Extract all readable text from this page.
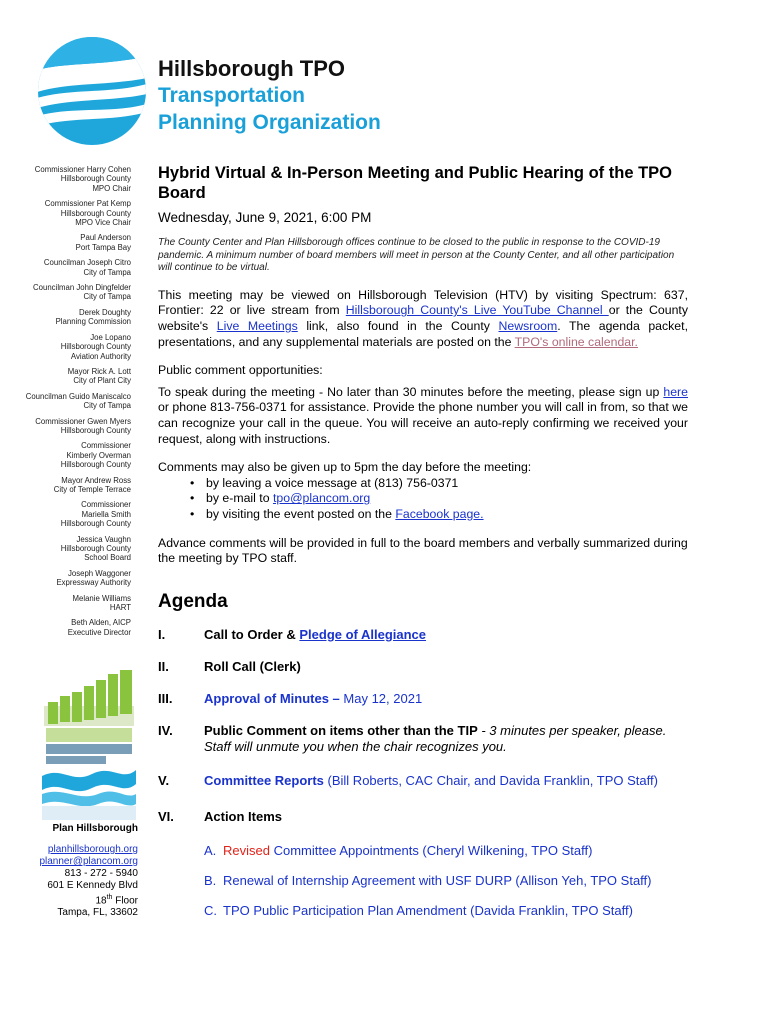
Hillsborough TPO
Transportation
Planning Organization
Commissioner Harry Cohen
Hillsborough County
MPO Chair
Commissioner Pat Kemp
Hillsborough County
MPO Vice Chair
Paul Anderson
Port Tampa Bay
Councilman Joseph Citro
City of Tampa
Councilman John Dingfelder
City of Tampa
Derek Doughty
Planning Commission
Joe Lopano
Hillsborough County
Aviation Authority
Mayor Rick A. Lott
City of Plant City
Councilman Guido Maniscalco
City of Tampa
Commissioner Gwen Myers
Hillsborough County
Commissioner
Kimberly Overman
Hillsborough County
Mayor Andrew Ross
City of Temple Terrace
Commissioner
Mariella Smith
Hillsborough County
Jessica Vaughn
Hillsborough County
School Board
Joseph Waggoner
Expressway Authority
Melanie Williams
HART
Beth Alden, AICP
Executive Director
Plan Hillsborough
planhillsborough.org
planner@plancom.org
813 - 272 - 5940
601 E Kennedy Blvd
18th Floor
Tampa, FL, 33602
Hybrid Virtual & In-Person Meeting and Public Hearing of the TPO Board
Wednesday, June 9, 2021, 6:00 PM
The County Center and Plan Hillsborough offices continue to be closed to the public in response to the COVID-19 pandemic. A minimum number of board members will meet in person at the County Center, and all other participation will continue to be virtual.
This meeting may be viewed on Hillsborough Television (HTV) by visiting Spectrum: 637, Frontier: 22 or live stream from Hillsborough County's Live YouTube Channel or the County website's Live Meetings link, also found in the County Newsroom. The agenda packet, presentations, and any supplemental materials are posted on the TPO's online calendar.
Public comment opportunities:
To speak during the meeting - No later than 30 minutes before the meeting, please sign up here or phone 813-756-0371 for assistance. Provide the phone number you will call in from, so that we can recognize your call in the queue. You will receive an auto-reply confirming we received your request, along with instructions.
Comments may also be given up to 5pm the day before the meeting:
• by leaving a voice message at (813) 756-0371
• by e-mail to tpo@plancom.org
• by visiting the event posted on the Facebook page.
Advance comments will be provided in full to the board members and verbally summarized during the meeting by TPO staff.
Agenda
I.	Call to Order & Pledge of Allegiance
II.	Roll Call (Clerk)
III. Approval of Minutes – May 12, 2021
IV. Public Comment on items other than the TIP - 3 minutes per speaker, please. Staff will unmute you when the chair recognizes you.
V.	Committee Reports (Bill Roberts, CAC Chair, and Davida Franklin, TPO Staff)
VI. Action Items
A. Revised Committee Appointments (Cheryl Wilkening, TPO Staff)
B. Renewal of Internship Agreement with USF DURP (Allison Yeh, TPO Staff)
C. TPO Public Participation Plan Amendment (Davida Franklin, TPO Staff)
